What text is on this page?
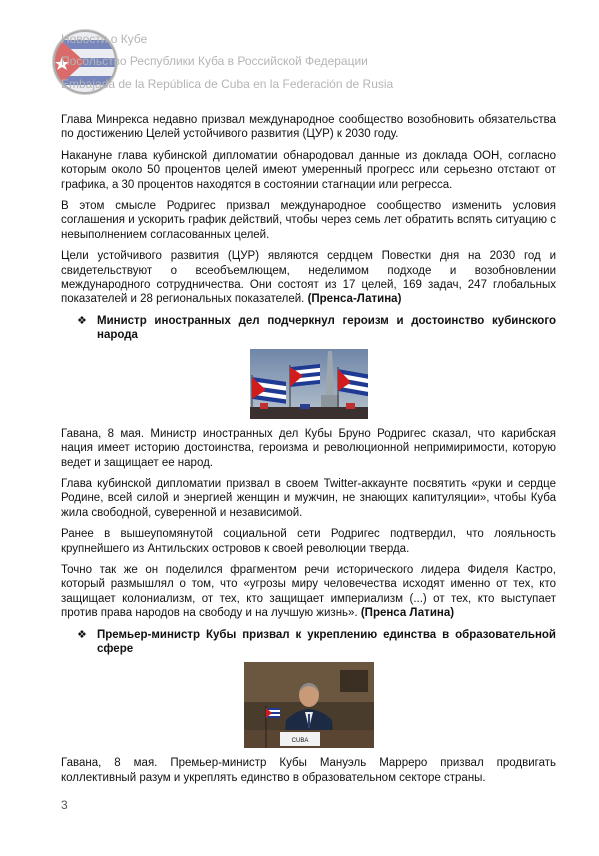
Новости о Кубе
Посольство Республики Куба в Российской Федерации
Embajada de la República de Cuba en la Federación de Rusia

Глава Минрекса недавно призвал международное сообщество возобновить обязательства по достижению Целей устойчивого развития (ЦУР) к 2030 году.

Накануне глава кубинской дипломатии обнародовал данные из доклада ООН, согласно которым около 50 процентов целей имеют умеренный прогресс или серьезно отстают от графика, а 30 процентов находятся в состоянии стагнации или регресса.

В этом смысле Родригес призвал международное сообщество изменить условия соглашения и ускорить график действий, чтобы через семь лет обратить вспять ситуацию с невыполнением согласованных целей.

Цели устойчивого развития (ЦУР) являются сердцем Повестки дня на 2030 год и свидетельствуют о всеобъемлющем, неделимом подходе и возобновлении международного сотрудничества. Они состоят из 17 целей, 169 задач, 247 глобальных показателей и 28 региональных показателей. (Пренса-Латина)

❖ Министр иностранных дел подчеркнул героизм и достоинство кубинского народа

Гавана, 8 мая. Министр иностранных дел Кубы Бруно Родригес сказал, что карибская нация имеет историю достоинства, героизма и революционной непримиримости, которую ведет и защищает ее народ.

Глава кубинской дипломатии призвал в своем Twitter-аккаунте посвятить «руки и сердце Родине, всей силой и энергией женщин и мужчин, не знающих капитуляции», чтобы Куба жила свободной, суверенной и независимой.

Ранее в вышеупомянутой социальной сети Родригес подтвердил, что лояльность крупнейшего из Антильских островов к своей революции тверда.

Точно так же он поделился фрагментом речи исторического лидера Фиделя Кастро, который размышлял о том, что «угрозы миру человечества исходят именно от тех, кто защищает колониализм, от тех, кто защищает империализм (...) от тех, кто выступает против права народов на свободу и на лучшую жизнь». (Пренса Латина)

❖ Премьер-министр Кубы призвал к укреплению единства в образовательной сфере
CUBA

Гавана, 8 мая. Премьер-министр Кубы Мануэль Марреро призвал продвигать коллективный разум и укреплять единство в образовательном секторе страны.

3
